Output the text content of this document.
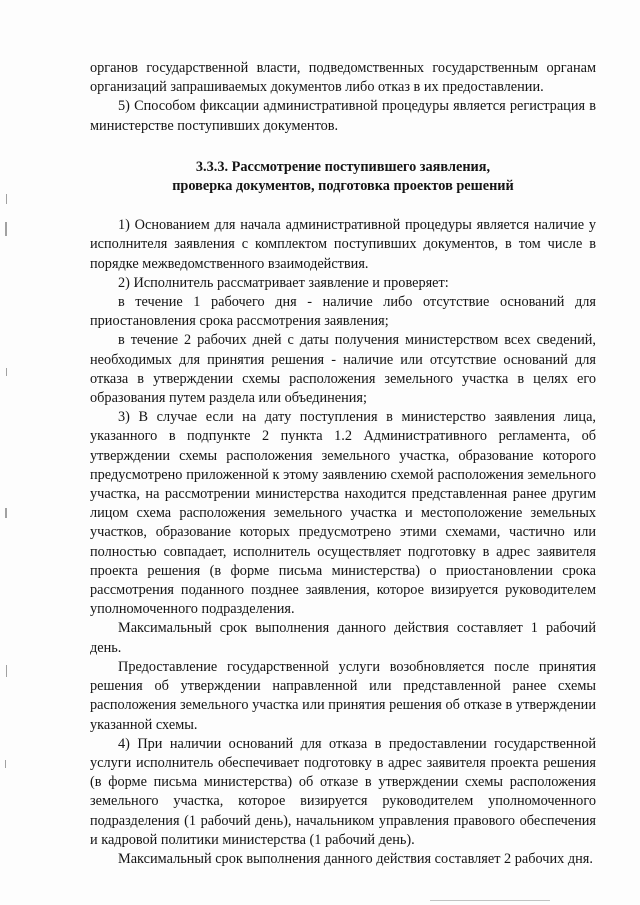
органов государственной власти, подведомственных государственным органам организаций запрашиваемых документов либо отказ в их предоставлении.

5) Способом фиксации административной процедуры является регистрация в министерстве поступивших документов.

3.3.3. Рассмотрение поступившего заявления,
проверка документов, подготовка проектов решений

1) Основанием для начала административной процедуры является наличие у исполнителя заявления с комплектом поступивших документов, в том числе в порядке межведомственного взаимодействия.

2) Исполнитель рассматривает заявление и проверяет:

в течение 1 рабочего дня - наличие либо отсутствие оснований для приостановления срока рассмотрения заявления;

в течение 2 рабочих дней с даты получения министерством всех сведений, необходимых для принятия решения - наличие или отсутствие оснований для отказа в утверждении схемы расположения земельного участка в целях его образования путем раздела или объединения;

3) В случае если на дату поступления в министерство заявления лица, указанного в подпункте 2 пункта 1.2 Административного регламента, об утверждении схемы расположения земельного участка, образование которого предусмотрено приложенной к этому заявлению схемой расположения земельного участка, на рассмотрении министерства находится представленная ранее другим лицом схема расположения земельного участка и местоположение земельных участков, образование которых предусмотрено этими схемами, частично или полностью совпадает, исполнитель осуществляет подготовку в адрес заявителя проекта решения (в форме письма министерства) о приостановлении срока рассмотрения поданного позднее заявления, которое визируется руководителем уполномоченного подразделения.

Максимальный срок выполнения данного действия составляет 1 рабочий день.

Предоставление государственной услуги возобновляется после принятия решения об утверждении направленной или представленной ранее схемы расположения земельного участка или принятия решения об отказе в утверждении указанной схемы.

4) При наличии оснований для отказа в предоставлении государственной услуги исполнитель обеспечивает подготовку в адрес заявителя проекта решения (в форме письма министерства) об отказе в утверждении схемы расположения земельного участка, которое визируется руководителем уполномоченного подразделения (1 рабочий день), начальником управления правового обеспечения и кадровой политики министерства (1 рабочий день).

Максимальный срок выполнения данного действия составляет 2 рабочих дня.
